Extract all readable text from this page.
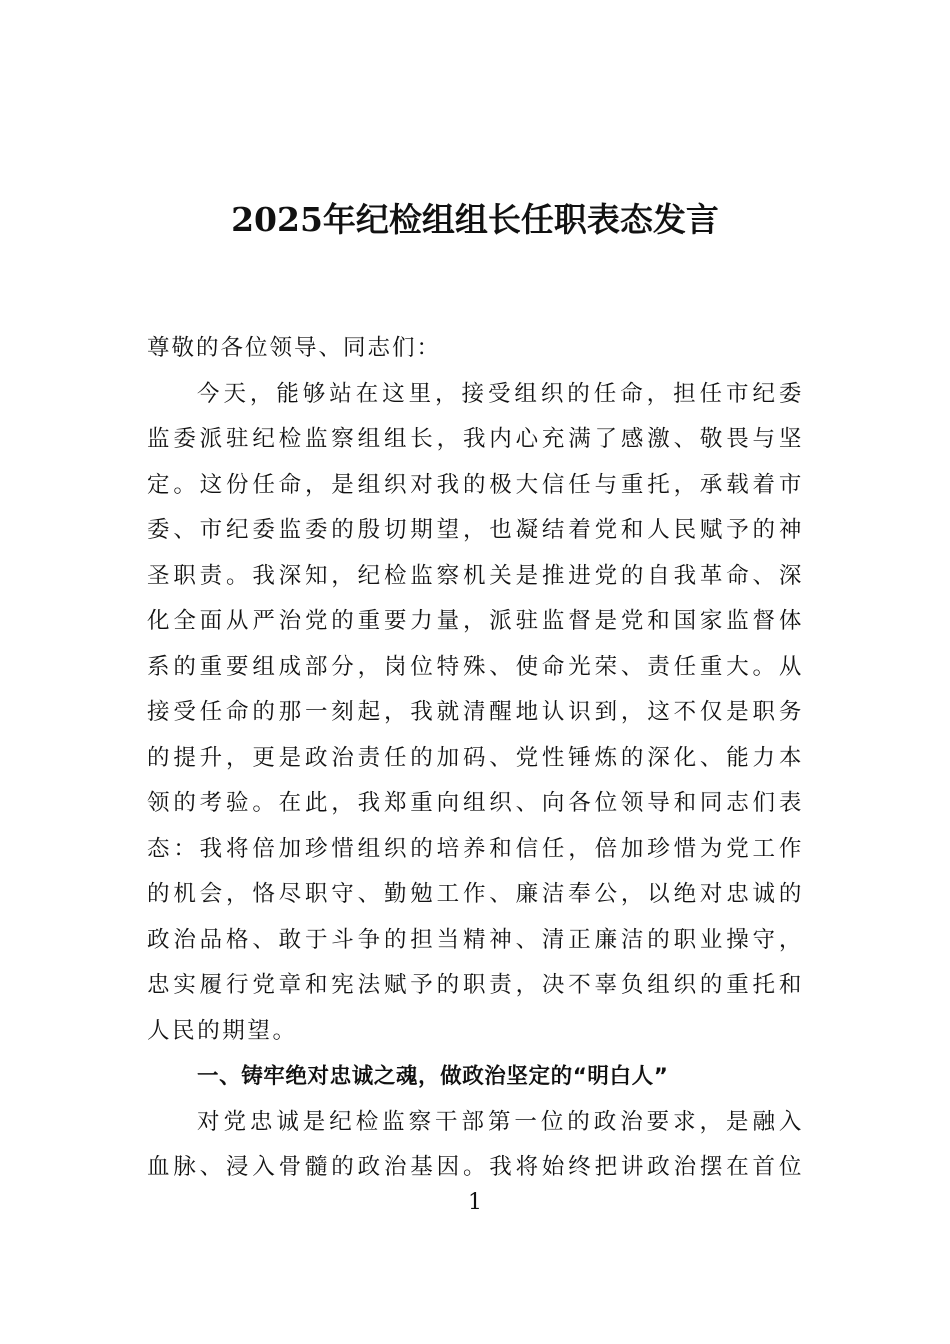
2025年纪检组组长任职表态发言

尊敬的各位领导、同志们：

今天，能够站在这里，接受组织的任命，担任市纪委
监委派驻纪检监察组组长，我内心充满了感激、敬畏与坚
定。这份任命，是组织对我的极大信任与重托，承载着市
委、市纪委监委的殷切期望，也凝结着党和人民赋予的神
圣职责。我深知，纪检监察机关是推进党的自我革命、深
化全面从严治党的重要力量，派驻监督是党和国家监督体
系的重要组成部分，岗位特殊、使命光荣、责任重大。从
接受任命的那一刻起，我就清醒地认识到，这不仅是职务
的提升，更是政治责任的加码、党性锤炼的深化、能力本
领的考验。在此，我郑重向组织、向各位领导和同志们表
态：我将倍加珍惜组织的培养和信任，倍加珍惜为党工作
的机会，恪尽职守、勤勉工作、廉洁奉公，以绝对忠诚的
政治品格、敢于斗争的担当精神、清正廉洁的职业操守，
忠实履行党章和宪法赋予的职责，决不辜负组织的重托和
人民的期望。

一、铸牢绝对忠诚之魂，做政治坚定的“明白人”

对党忠诚是纪检监察干部第一位的政治要求，是融入
血脉、浸入骨髓的政治基因。我将始终把讲政治摆在首位

1
